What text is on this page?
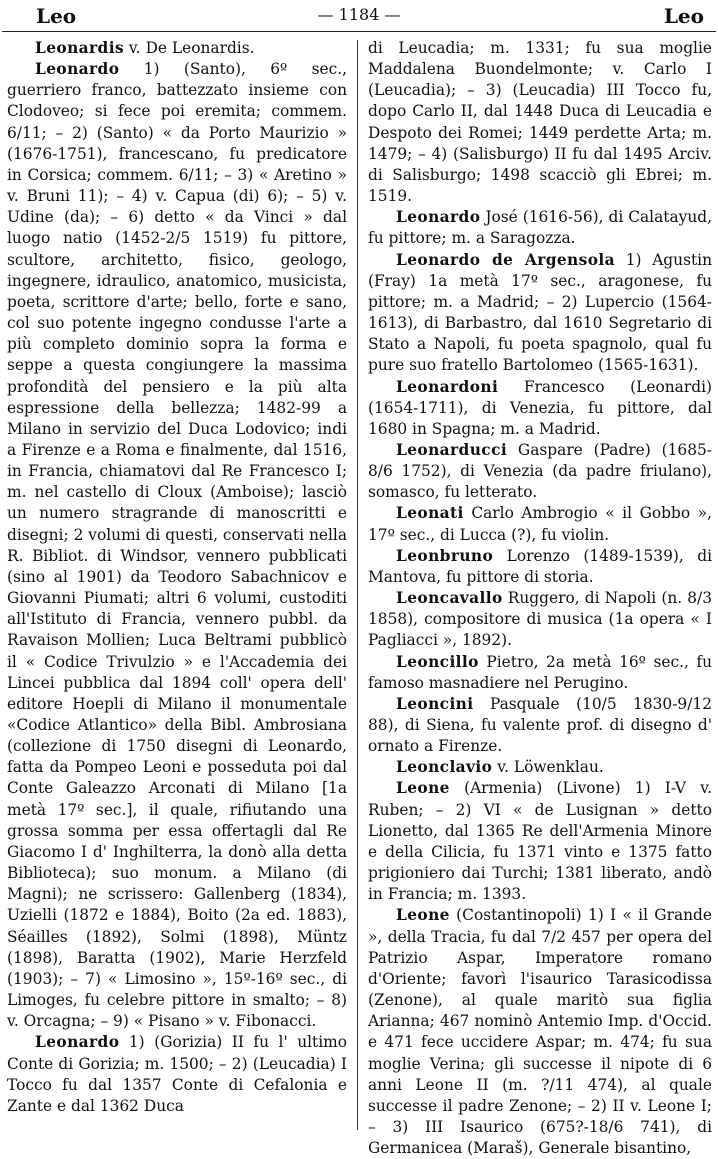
Leo	— 1184 —	Leo

Leonardis v. De Leonardis.

Leonardo 1) (Santo), 6º sec., guerriero franco, battezzato insieme con Clodoveo; si fece poi eremita; commem. 6/11; – 2) (Santo) « da Porto Maurizio » (1676-1751), francescano, fu predicatore in Corsica; commem. 6/11; – 3) « Aretino » v. Bruni 11); – 4) v. Capua (di) 6); – 5) v. Udine (da); – 6) detto « da Vinci » dal luogo natio (1452-2/5 1519) fu pittore, scultore, architetto, fisico, geologo, ingegnere, idraulico, anatomico, musicista, poeta, scrittore d'arte; bello, forte e sano, col suo potente ingegno condusse l'arte a più completo dominio sopra la forma e seppe a questa congiungere la massima profondità del pensiero e la più alta espressione della bellezza; 1482-99 a Milano in servizio del Duca Lodovico; indi a Firenze e a Roma e finalmente, dal 1516, in Francia, chiamatovi dal Re Francesco I; m. nel castello di Cloux (Amboise); lasciò un numero stragrande di manoscritti e disegni; 2 volumi di questi, conservati nella R. Bibliot. di Windsor, vennero pubblicati (sino al 1901) da Teodoro Sabachnicov e Giovanni Piumati; altri 6 volumi, custoditi all'Istituto di Francia, vennero pubbl. da Ravaison Mollien; Luca Beltrami pubblicò il « Codice Trivulzio » e l'Accademia dei Lincei pubblica dal 1894 coll' opera dell' editore Hoepli di Milano il monumentale «Codice Atlantico» della Bibl. Ambrosiana (collezione di 1750 disegni di Leonardo, fatta da Pompeo Leoni e posseduta poi dal Conte Galeazzo Arconati di Milano [1a metà 17º sec.], il quale, rifiutando una grossa somma per essa offertagli dal Re Giacomo I d' Inghilterra, la donò alla detta Biblioteca); suo monum. a Milano (di Magni); ne scrissero: Gallenberg (1834), Uzielli (1872 e 1884), Boito (2a ed. 1883), Séailles (1892), Solmi (1898), Müntz (1898), Baratta (1902), Marie Herzfeld (1903); – 7) « Limosino », 15º-16º sec., di Limoges, fu celebre pittore in smalto; – 8) v. Orcagna; – 9) « Pisano » v. Fibonacci.

Leonardo 1) (Gorizia) II fu l' ultimo Conte di Gorizia; m. 1500; – 2) (Leucadia) I Tocco fu dal 1357 Conte di Cefalonia e Zante e dal 1362 Duca

di Leucadia; m. 1331; fu sua moglie Maddalena Buondelmonte; v. Carlo I (Leucadia); – 3) (Leucadia) III Tocco fu, dopo Carlo II, dal 1448 Duca di Leucadia e Despoto dei Romei; 1449 perdette Arta; m. 1479; – 4) (Salisburgo) II fu dal 1495 Arciv. di Salisburgo; 1498 scacciò gli Ebrei; m. 1519.

Leonardo José (1616-56), di Calatayud, fu pittore; m. a Saragozza.

Leonardo de Argensola 1) Agustin (Fray) 1a metà 17º sec., aragonese, fu pittore; m. a Madrid; – 2) Lupercio (1564-1613), di Barbastro, dal 1610 Segretario di Stato a Napoli, fu poeta spagnolo, qual fu pure suo fratello Bartolomeo (1565-1631).

Leonardoni Francesco (Leonardi) (1654-1711), di Venezia, fu pittore, dal 1680 in Spagna; m. a Madrid.

Leonarducci Gaspare (Padre) (1685-8/6 1752), di Venezia (da padre friulano), somasco, fu letterato.

Leonati Carlo Ambrogio « il Gobbo », 17º sec., di Lucca (?), fu violin.

Leonbruno Lorenzo (1489-1539), di Mantova, fu pittore di storia.

Leoncavallo Ruggero, di Napoli (n. 8/3 1858), compositore di musica (1a opera « I Pagliacci », 1892).

Leoncillo Pietro, 2a metà 16º sec., fu famoso masnadiere nel Perugino.

Leoncini Pasquale (10/5 1830-9/12 88), di Siena, fu valente prof. di disegno d' ornato a Firenze.

Leonclavio v. Löwenklau.

Leone (Armenia) (Livone) 1) I-V v. Ruben; – 2) VI « de Lusignan » detto Lionetto, dal 1365 Re dell'Armenia Minore e della Cilicia, fu 1371 vinto e 1375 fatto prigioniero dai Turchi; 1381 liberato, andò in Francia; m. 1393.

Leone (Costantinopoli) 1) I « il Grande », della Tracia, fu dal 7/2 457 per opera del Patrizio Aspar, Imperatore romano d'Oriente; favorì l'isaurico Tarasicodissa (Zenone), al quale maritò sua figlia Arianna; 467 nominò Antemio Imp. d'Occid. e 471 fece uccidere Aspar; m. 474; fu sua moglie Verina; gli successe il nipote di 6 anni Leone II (m. ?/11 474), al quale successe il padre Zenone; – 2) II v. Leone I; – 3) III Isaurico (675?-18/6 741), di Germanicea (Maraš), Generale bisantino,
